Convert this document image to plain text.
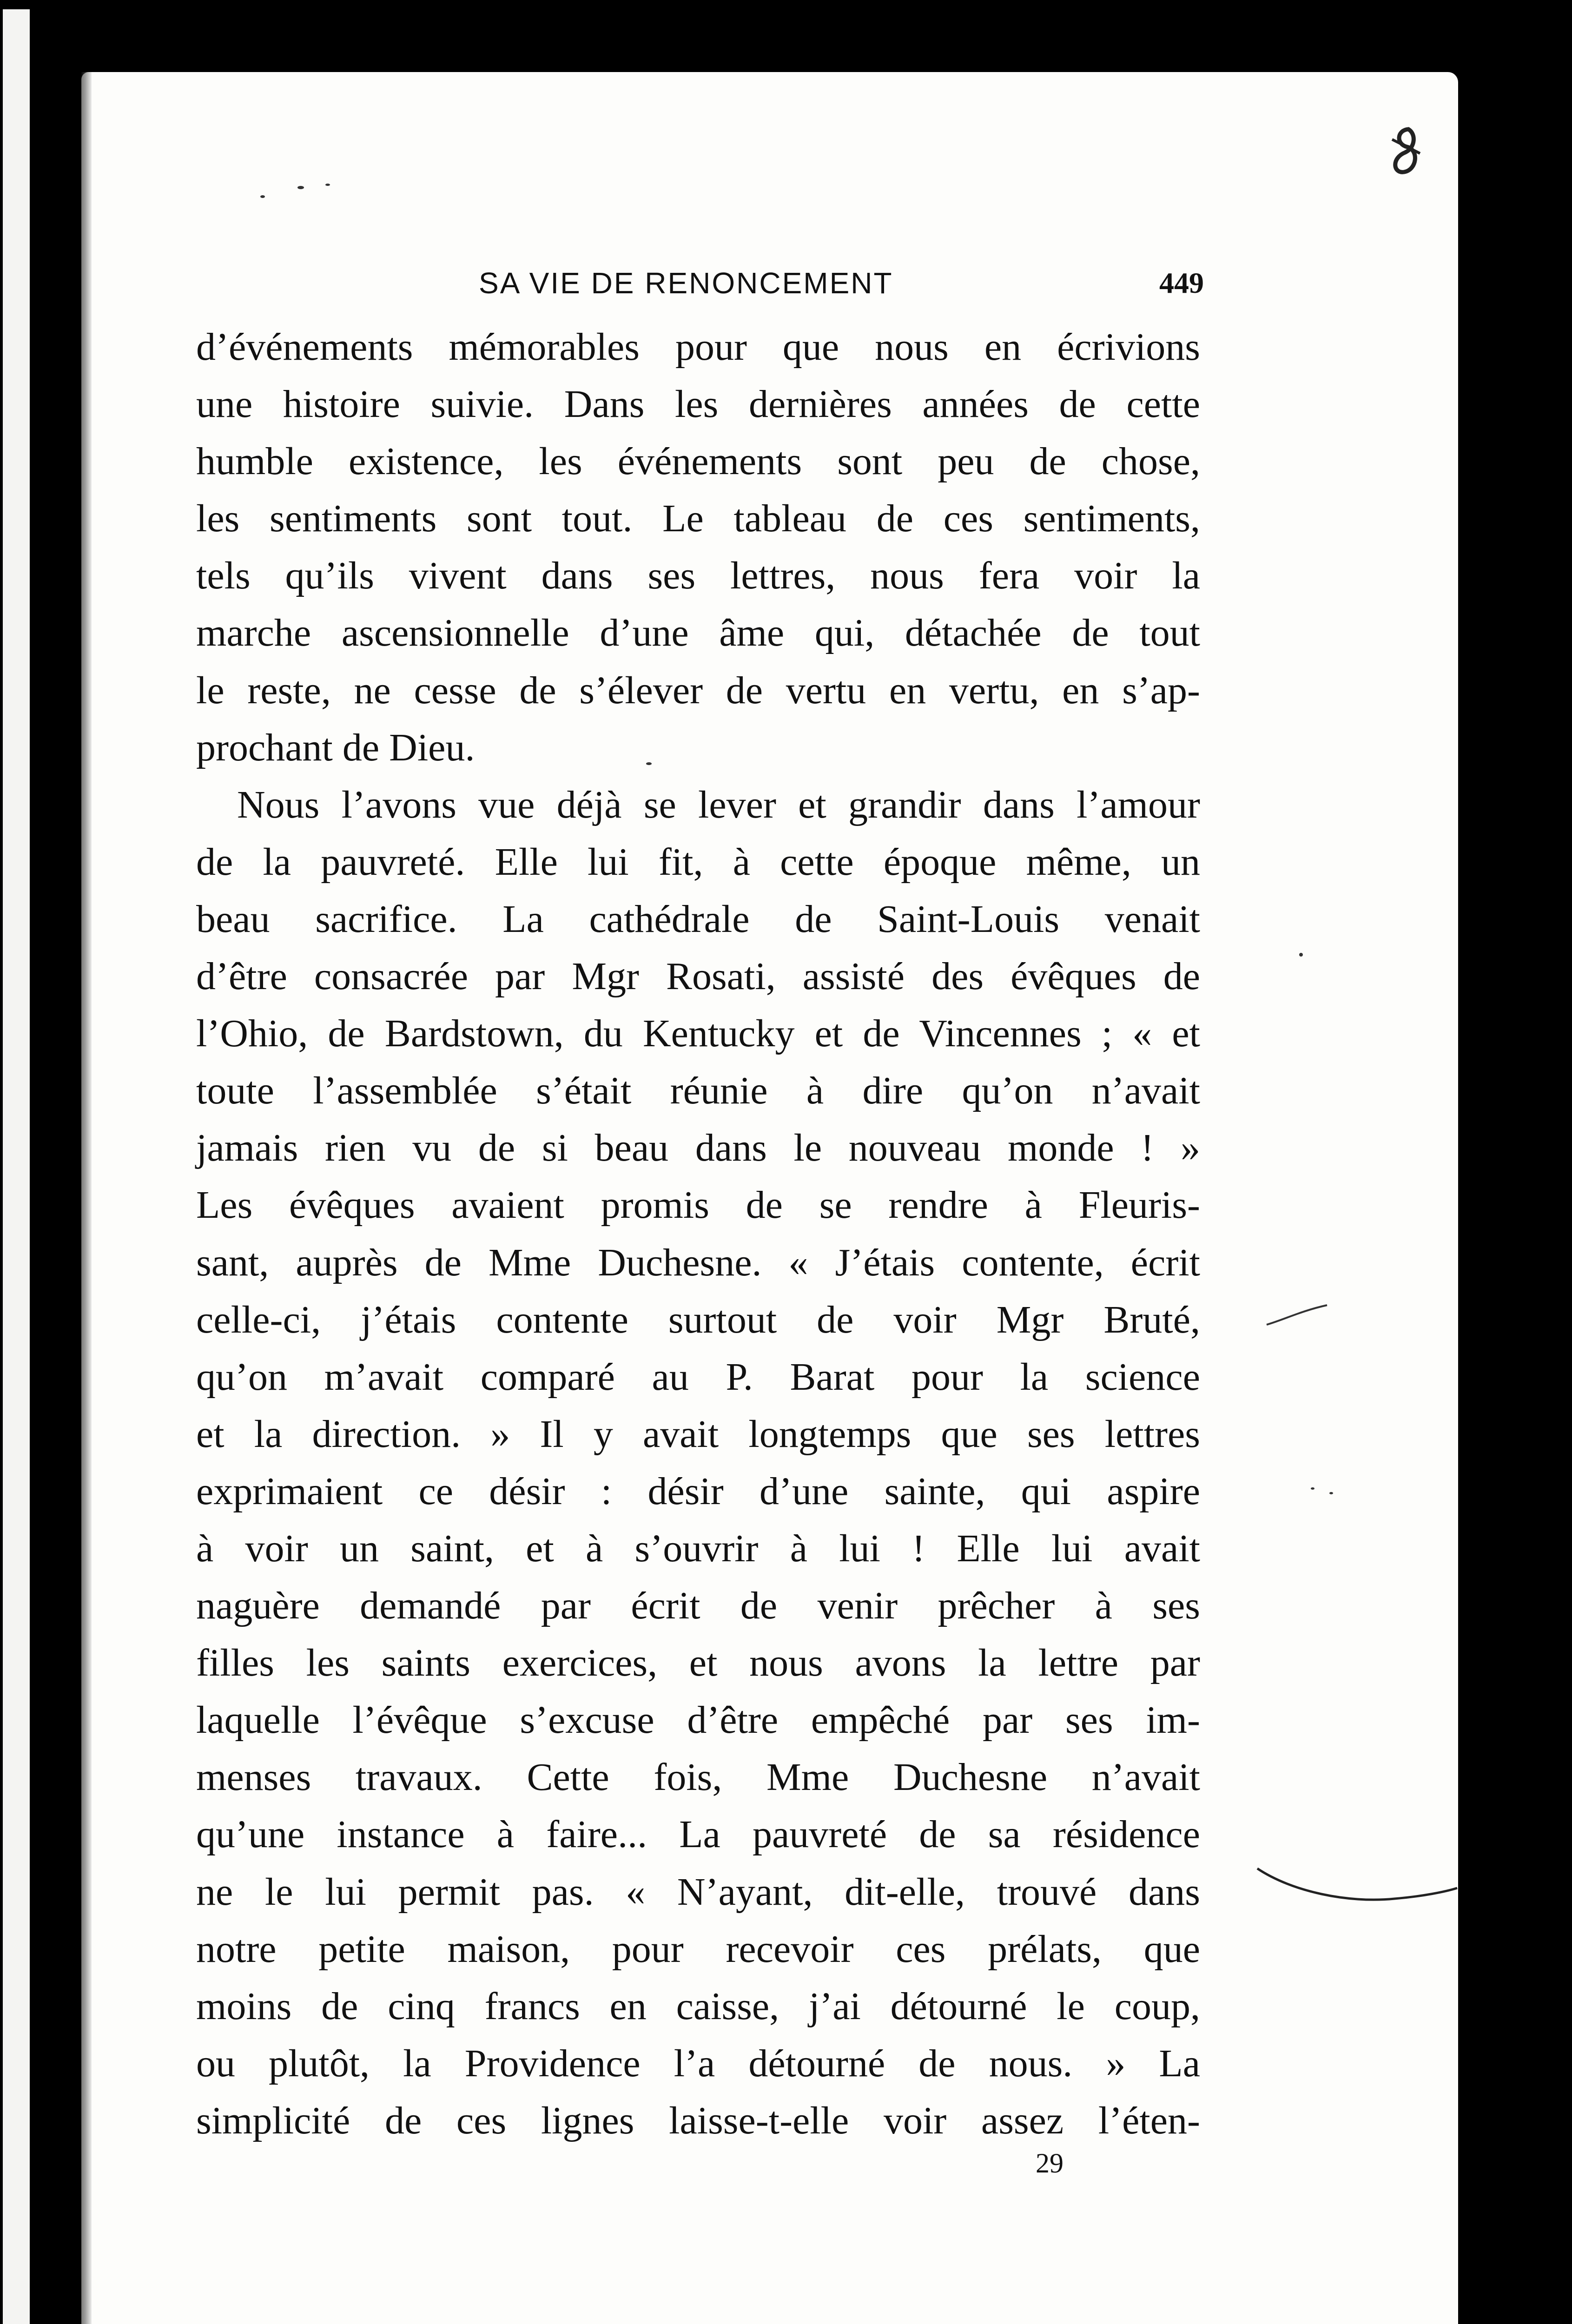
SA VIE DE RENONCEMENT	449
d’événements mémorables pour que nous en écrivions
une histoire suivie. Dans les dernières années de cette
humble existence, les événements sont peu de chose,
les sentiments sont tout. Le tableau de ces sentiments,
tels qu’ils vivent dans ses lettres, nous fera voir la
marche ascensionnelle d’une âme qui, détachée de tout
le reste, ne cesse de s’élever de vertu en vertu, en s’ap-
prochant de Dieu.
Nous l’avons vue déjà se lever et grandir dans l’amour
de la pauvreté. Elle lui fit, à cette époque même, un
beau sacrifice. La cathédrale de Saint-Louis venait
d’être consacrée par Mgr Rosati, assisté des évêques de
l’Ohio, de Bardstown, du Kentucky et de Vincennes ; « et
toute l’assemblée s’était réunie à dire qu’on n’avait
jamais rien vu de si beau dans le nouveau monde ! »
Les évêques avaient promis de se rendre à Fleuris-
sant, auprès de Mme Duchesne. « J’étais contente, écrit
celle-ci, j’étais contente surtout de voir Mgr Bruté,
qu’on m’avait comparé au P. Barat pour la science
et la direction. » Il y avait longtemps que ses lettres
exprimaient ce désir : désir d’une sainte, qui aspire
à voir un saint, et à s’ouvrir à lui ! Elle lui avait
naguère demandé par écrit de venir prêcher à ses
filles les saints exercices, et nous avons la lettre par
laquelle l’évêque s’excuse d’être empêché par ses im-
menses travaux. Cette fois, Mme Duchesne n’avait
qu’une instance à faire... La pauvreté de sa résidence
ne le lui permit pas. « N’ayant, dit-elle, trouvé dans
notre petite maison, pour recevoir ces prélats, que
moins de cinq francs en caisse, j’ai détourné le coup,
ou plutôt, la Providence l’a détourné de nous. » La
simplicité de ces lignes laisse-t-elle voir assez l’éten-
29
